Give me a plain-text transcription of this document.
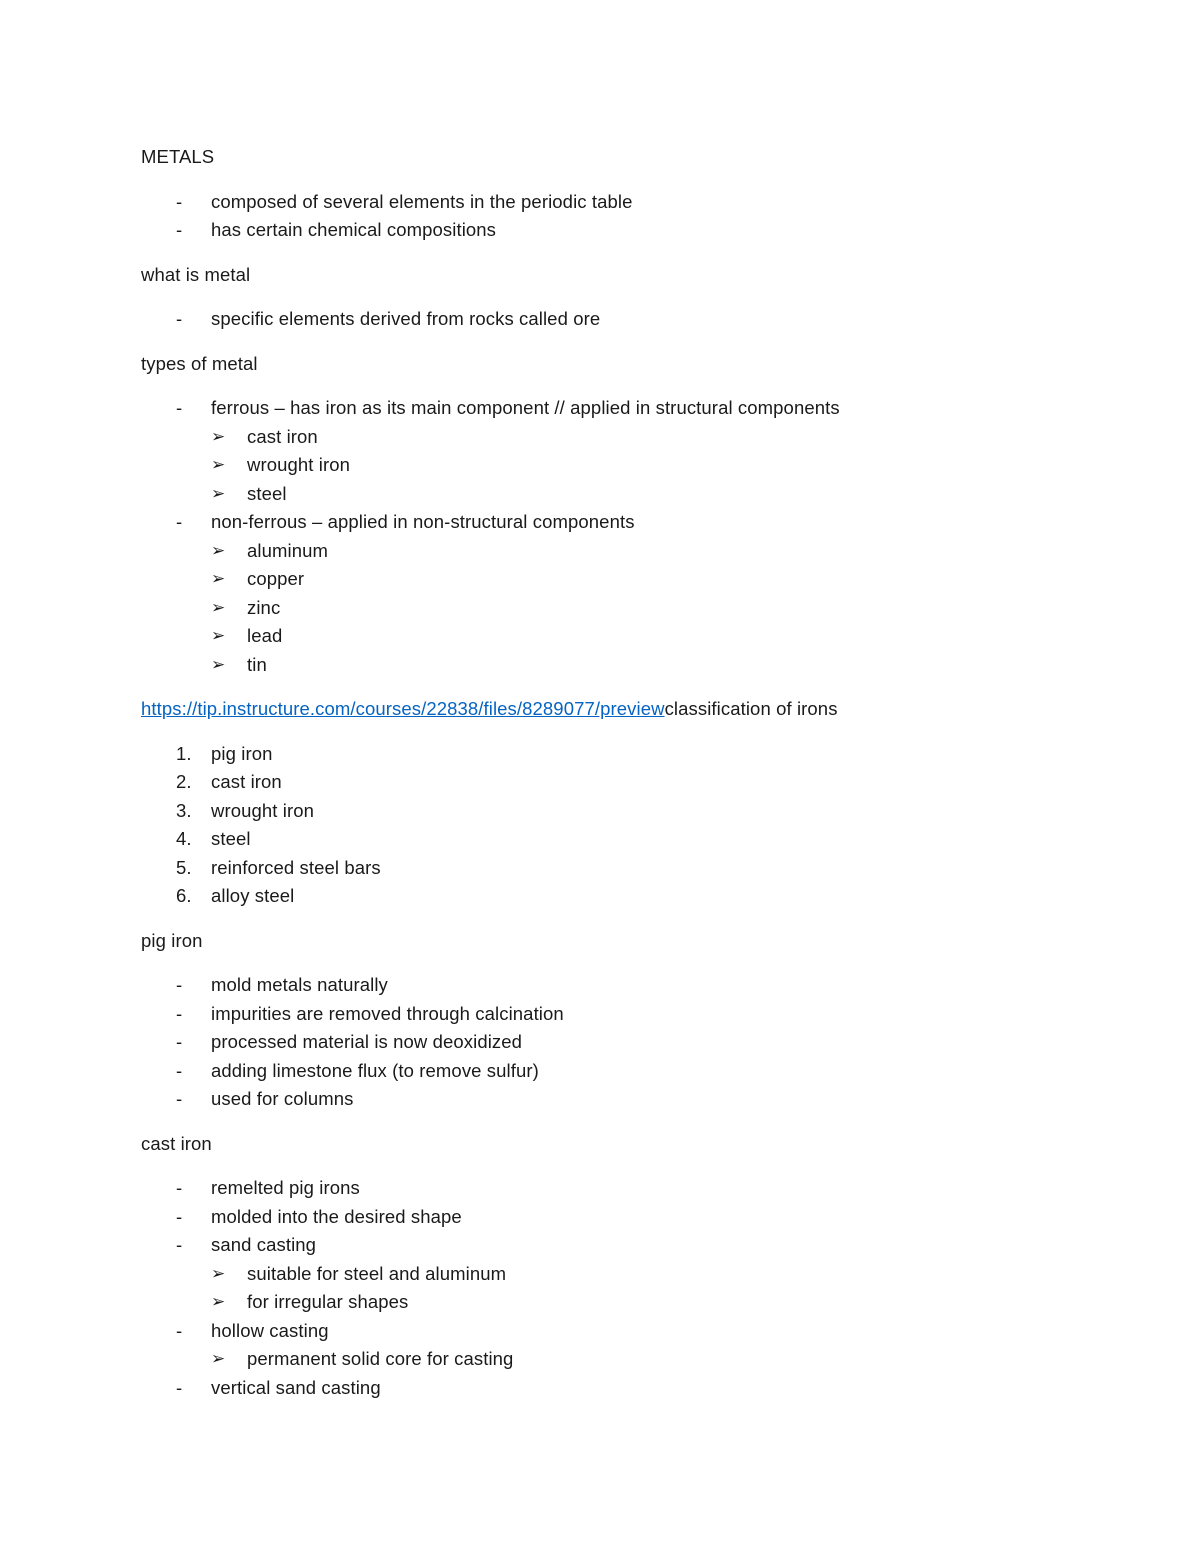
METALS
- composed of several elements in the periodic table
- has certain chemical compositions
what is metal
- specific elements derived from rocks called ore
types of metal
- ferrous – has iron as its main component // applied in structural components
➢ cast iron
➢ wrought iron
➢ steel
- non-ferrous – applied in non-structural components
➢ aluminum
➢ copper
➢ zinc
➢ lead
➢ tin
https://tip.instructure.com/courses/22838/files/8289077/previewclassification of irons
1. pig iron
2. cast iron
3. wrought iron
4. steel
5. reinforced steel bars
6. alloy steel
pig iron
- mold metals naturally
- impurities are removed through calcination
- processed material is now deoxidized
- adding limestone flux (to remove sulfur)
- used for columns
cast iron
- remelted pig irons
- molded into the desired shape
- sand casting
➢ suitable for steel and aluminum
➢ for irregular shapes
- hollow casting
➢ permanent solid core for casting
- vertical sand casting
